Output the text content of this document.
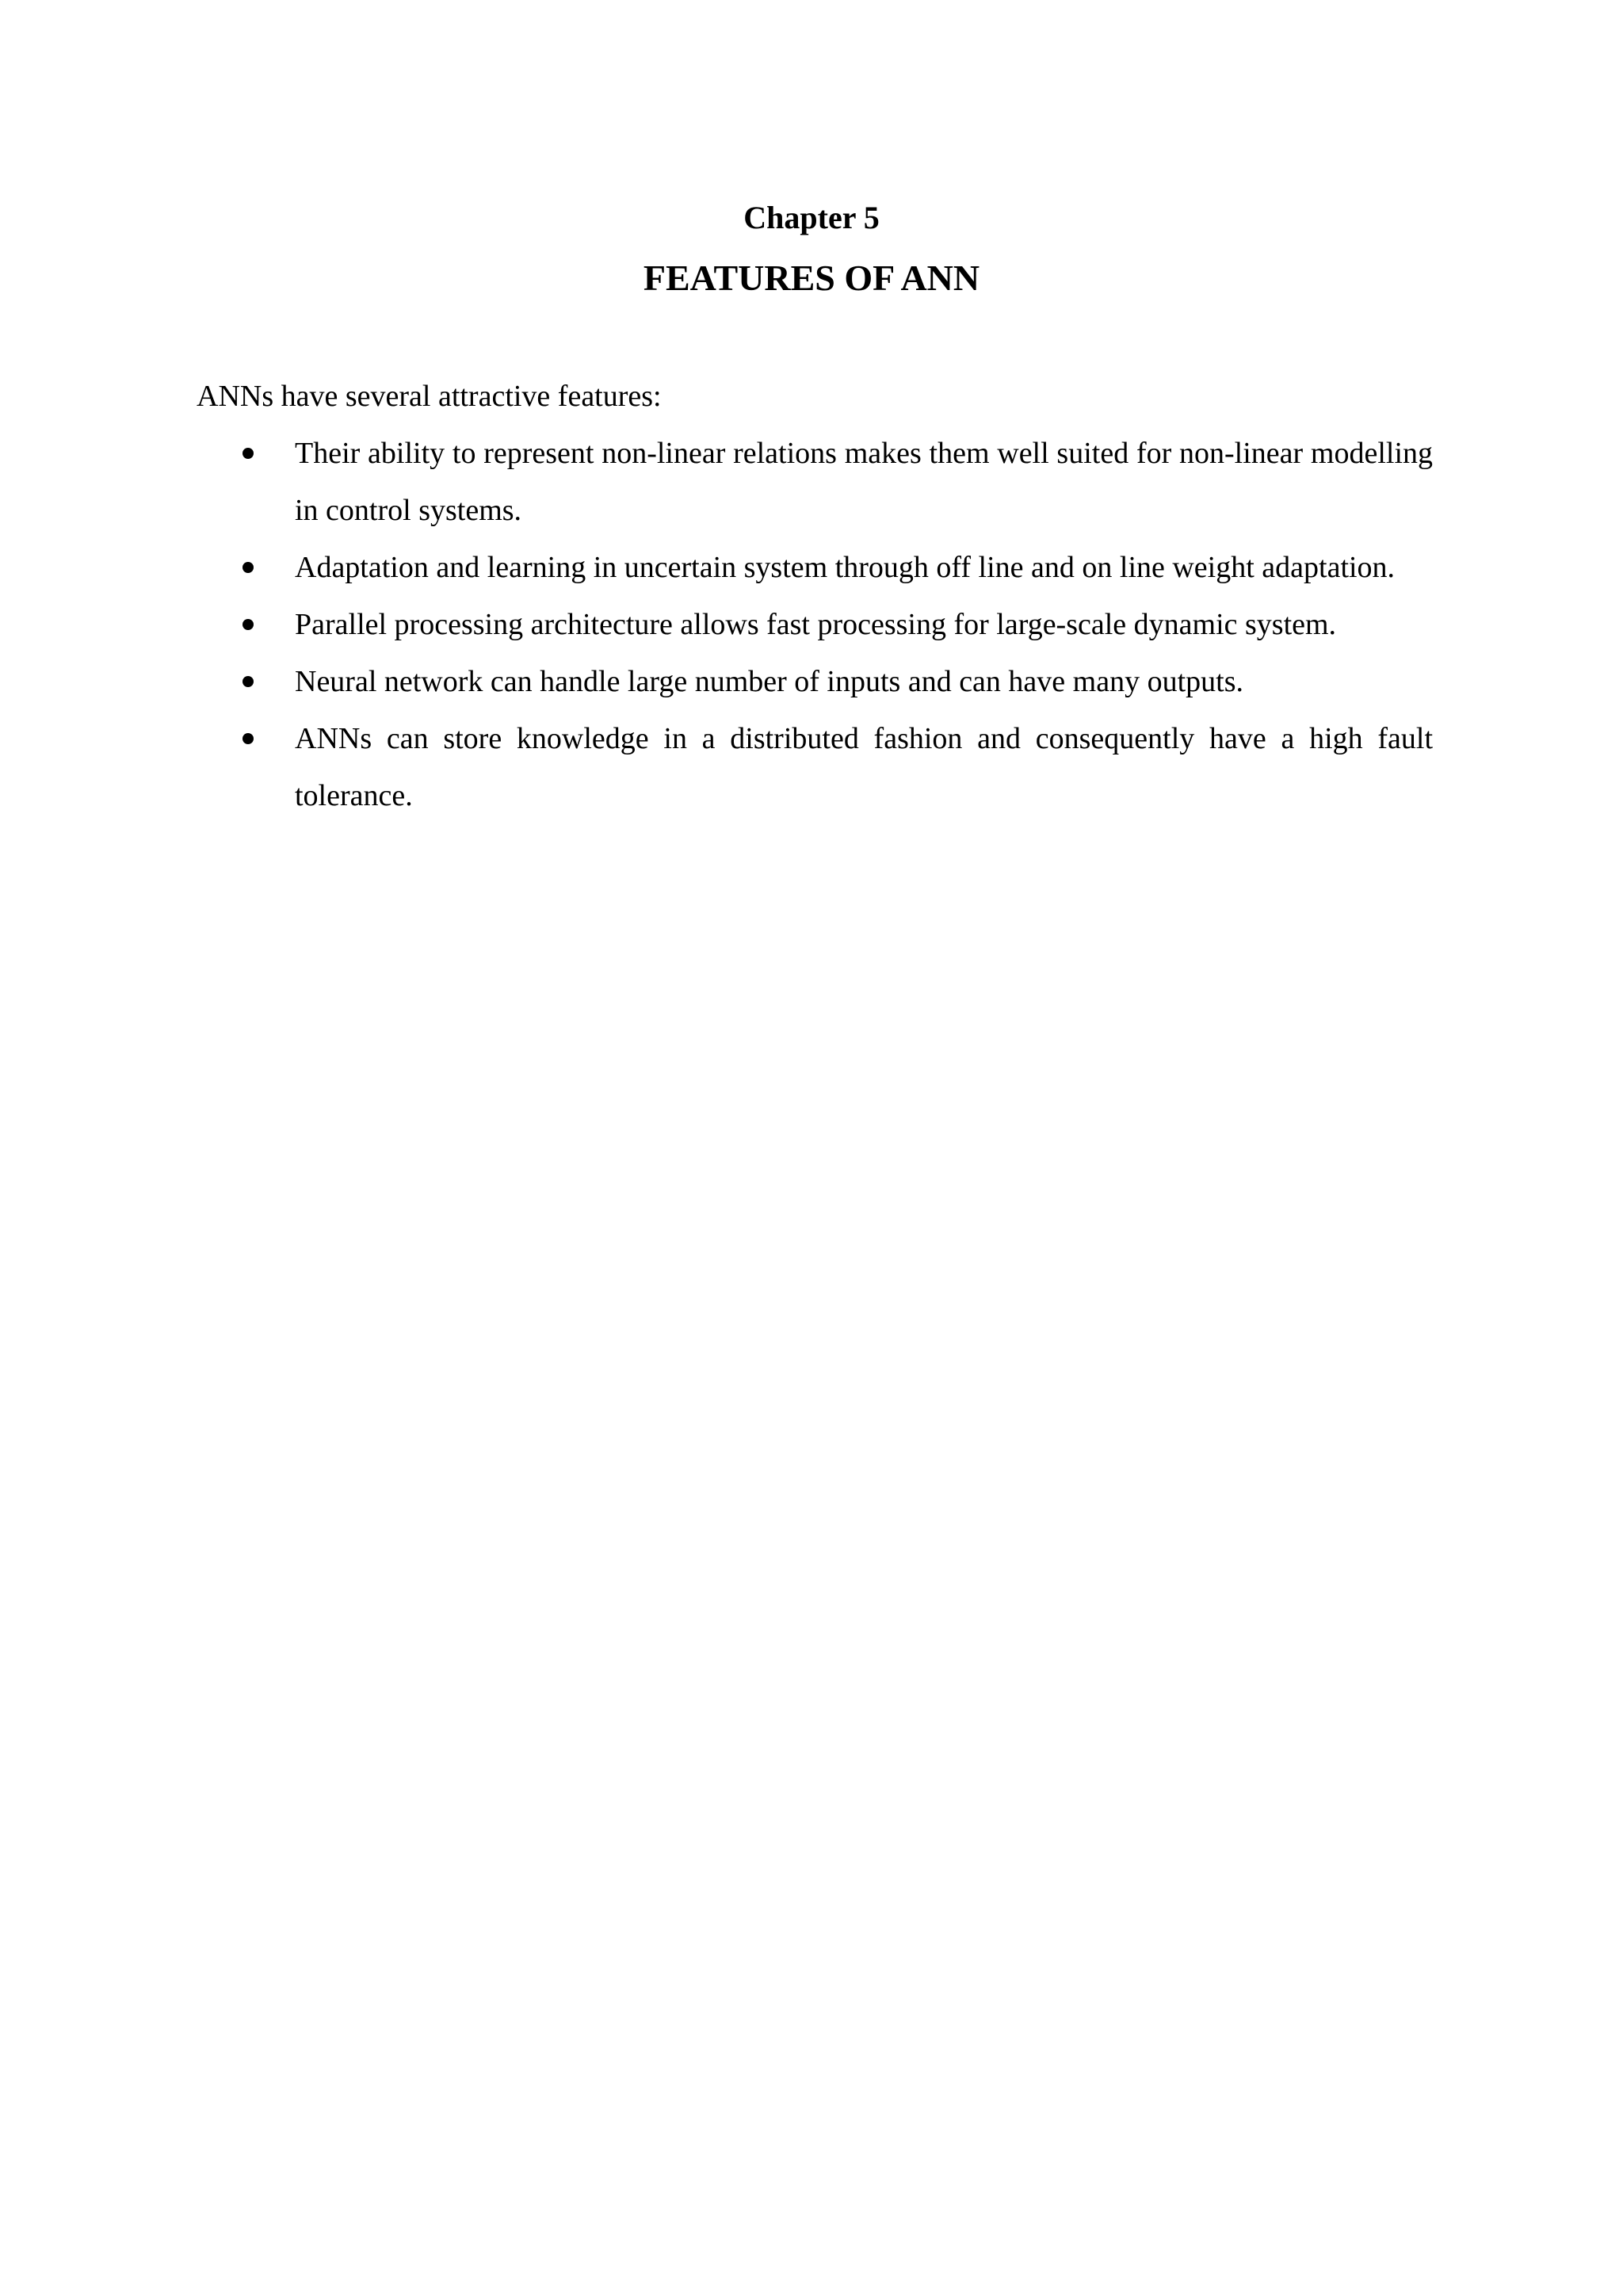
Chapter 5
FEATURES OF ANN

ANNs have several attractive features:

Their ability to represent non-linear relations makes them well suited for non-linear modelling in control systems.
Adaptation and learning in uncertain system through off line and on line weight adaptation.
Parallel processing architecture allows fast processing for large-scale dynamic system.
Neural network can handle large number of inputs and can have many outputs.
ANNs can store knowledge in a distributed fashion and consequently have a high fault tolerance.
